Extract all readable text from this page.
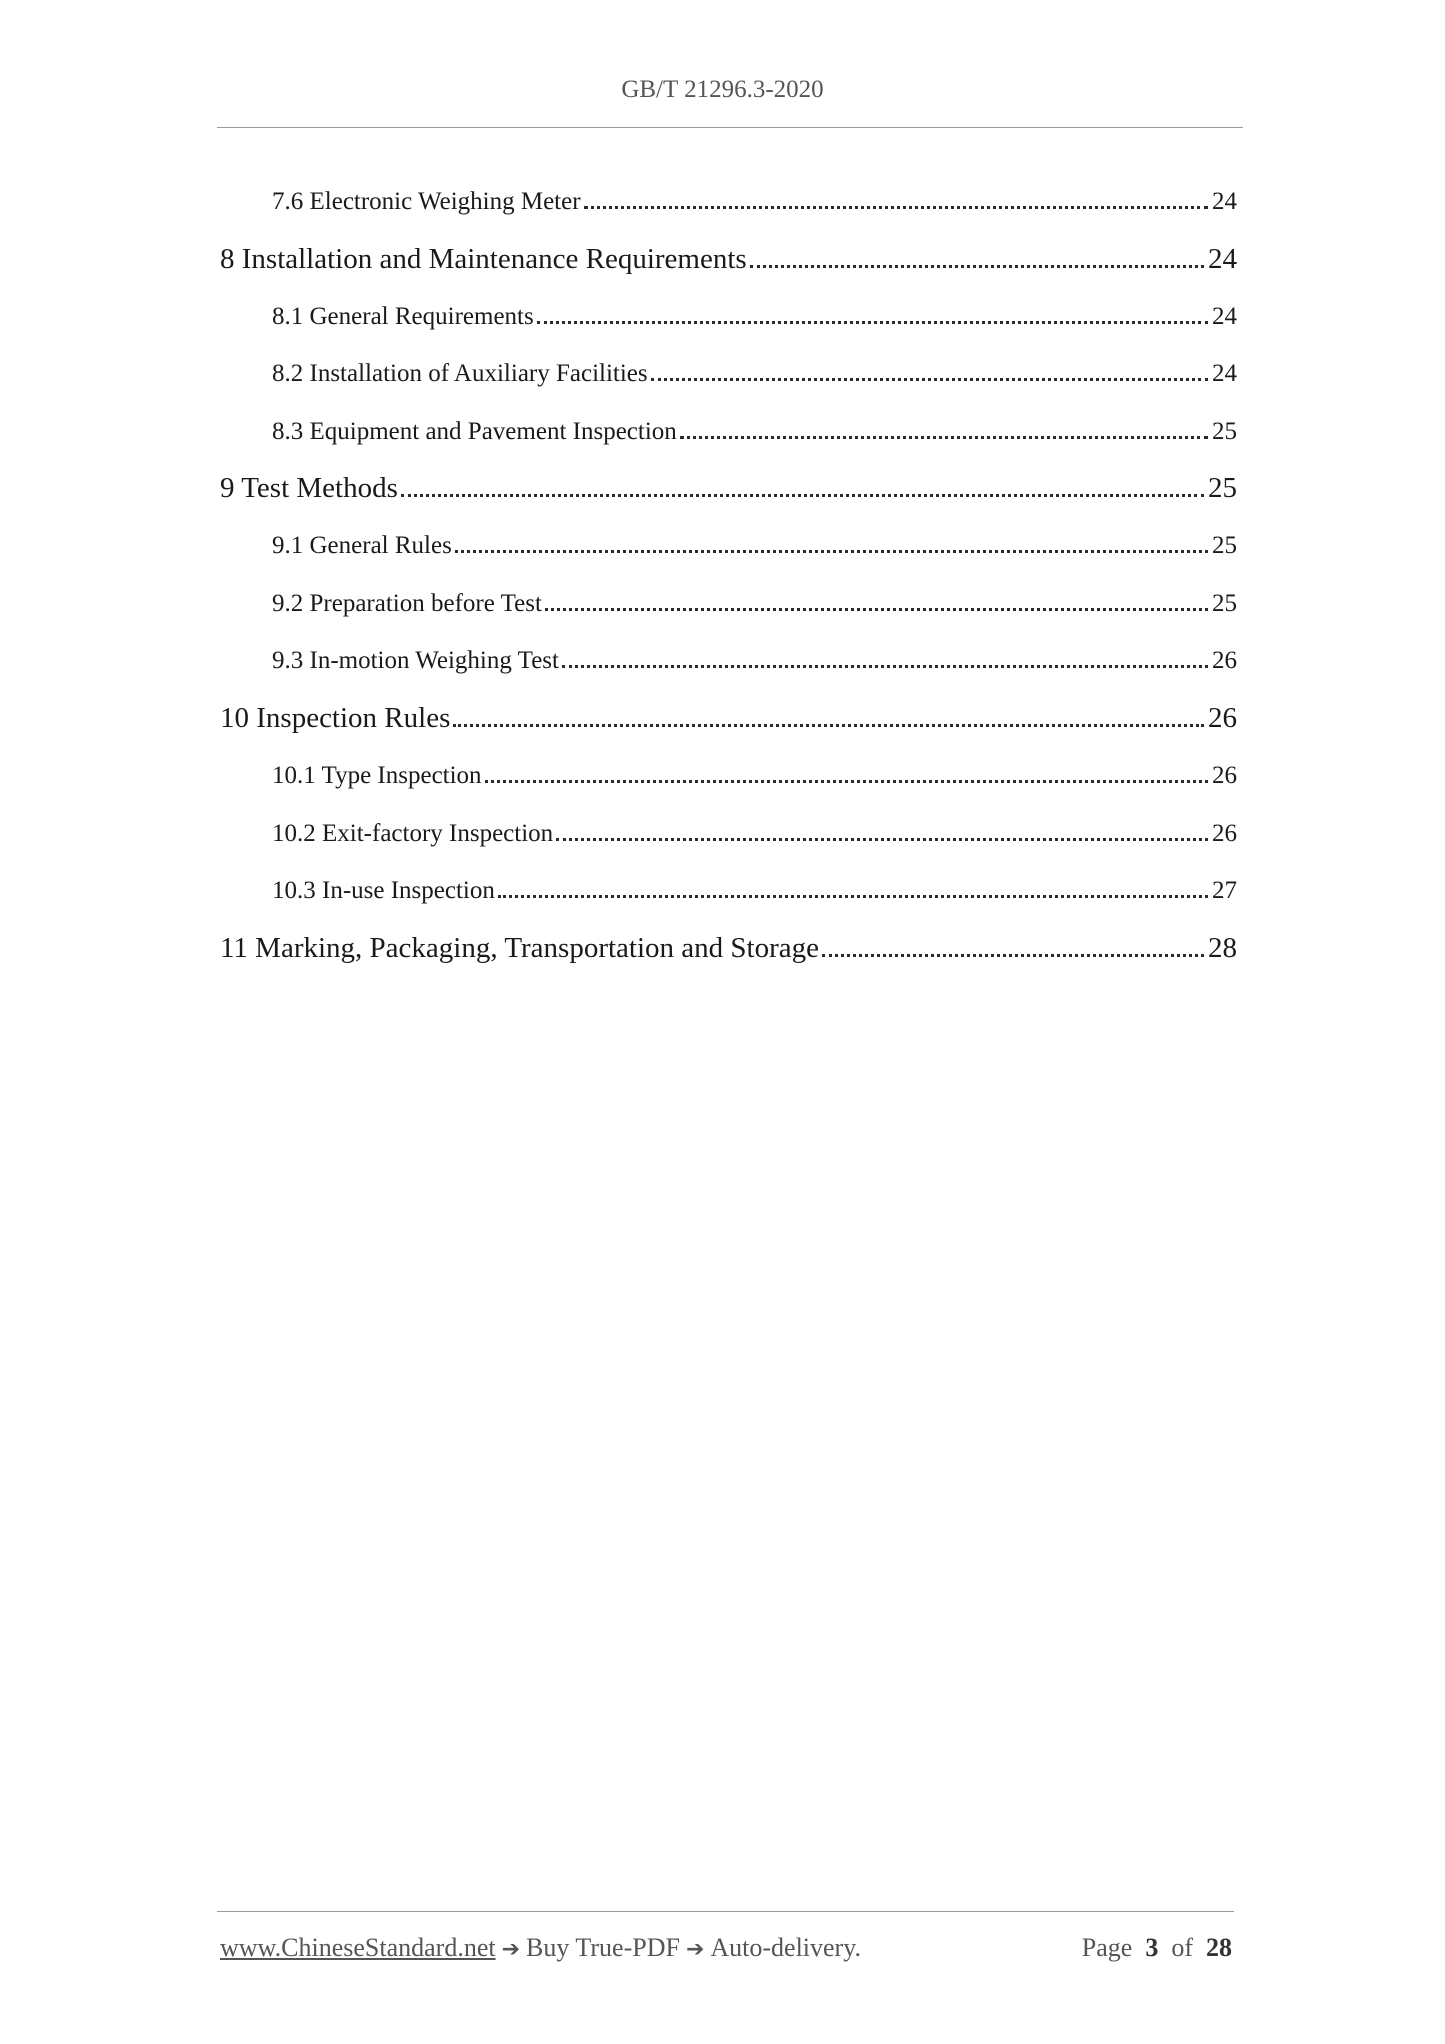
GB/T 21296.3-2020
7.6 Electronic Weighing Meter	24
8 Installation and Maintenance Requirements	24
8.1 General Requirements	24
8.2 Installation of Auxiliary Facilities	24
8.3 Equipment and Pavement Inspection	25
9 Test Methods	25
9.1 General Rules	25
9.2 Preparation before Test	25
9.3 In-motion Weighing Test	26
10 Inspection Rules	26
10.1 Type Inspection	26
10.2 Exit-factory Inspection	26
10.3 In-use Inspection	27
11 Marking, Packaging, Transportation and Storage	28
www.ChineseStandard.net ➔ Buy True-PDF ➔ Auto-delivery.	Page 3 of 28
